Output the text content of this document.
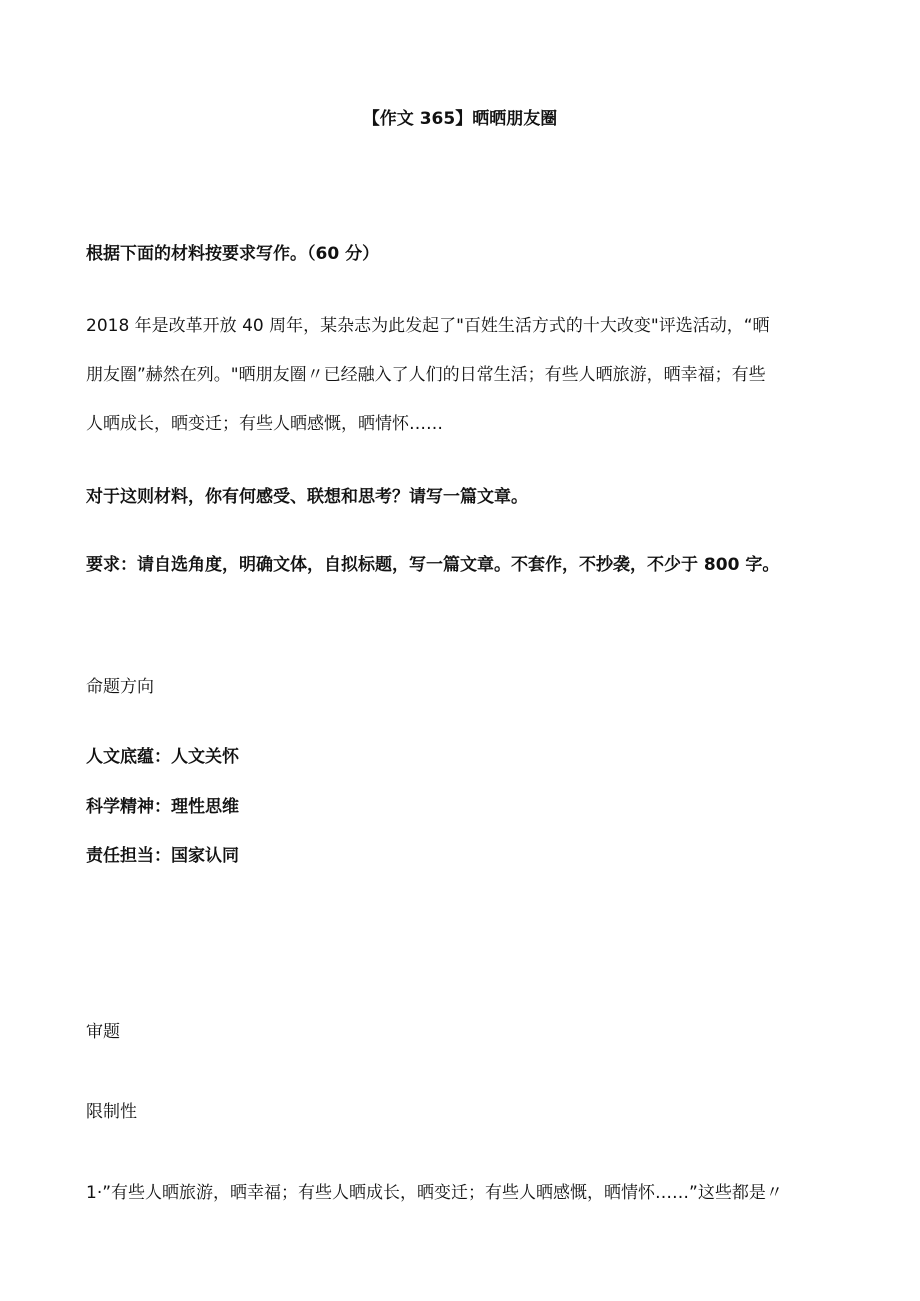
【作文 365】晒晒朋友圈
根据下面的材料按要求写作。（60 分）
2018 年是改革开放 40 周年，某杂志为此发起了"百姓生活方式的十大改变"评选活动，“晒
朋友圈”赫然在列。"晒朋友圈〃已经融入了人们的日常生活；有些人晒旅游，晒幸福；有些
人晒成长，晒变迁；有些人晒感慨，晒情怀……
对于这则材料，你有何感受、联想和思考？请写一篇文章。
要求：请自选角度，明确文体，自拟标题，写一篇文章。不套作，不抄袭，不少于 800 字。
命题方向
人文底蕴：人文关怀
科学精神：理性思维
责任担当：国家认同
审题
限制性
1·”有些人晒旅游，晒幸福；有些人晒成长，晒变迁；有些人晒感慨，晒情怀……”这些都是〃
